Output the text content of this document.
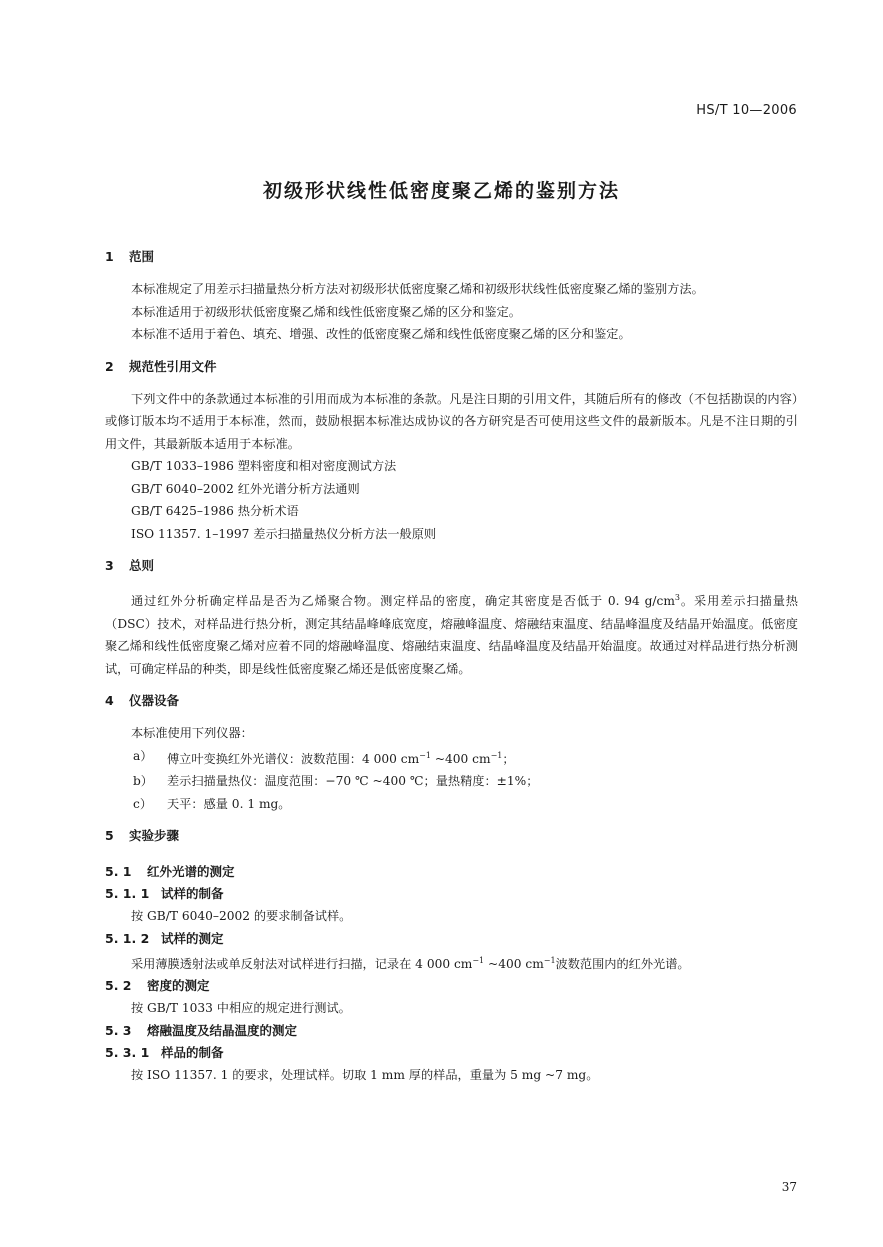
HS/T 10—2006
初级形状线性低密度聚乙烯的鉴别方法
1 范围

本标准规定了用差示扫描量热分析方法对初级形状低密度聚乙烯和初级形状线性低密度聚乙烯的鉴别方法。

本标准适用于初级形状低密度聚乙烯和线性低密度聚乙烯的区分和鉴定。

本标准不适用于着色、填充、增强、改性的低密度聚乙烯和线性低密度聚乙烯的区分和鉴定。

2 规范性引用文件

下列文件中的条款通过本标准的引用而成为本标准的条款。凡是注日期的引用文件，其随后所有的修改（不包括勘误的内容）或修订版本均不适用于本标准，然而，鼓励根据本标准达成协议的各方研究是否可使用这些文件的最新版本。凡是不注日期的引用文件，其最新版本适用于本标准。

GB/T 1033–1986 塑料密度和相对密度测试方法

GB/T 6040–2002 红外光谱分析方法通则

GB/T 6425–1986 热分析术语

ISO 11357. 1–1997 差示扫描量热仪分析方法一般原则

3 总则

通过红外分析确定样品是否为乙烯聚合物。测定样品的密度，确定其密度是否低于 0. 94 $g/cm^3$。采用差示扫描量热（DSC）技术，对样品进行热分析，测定其结晶峰峰底宽度，熔融峰温度、熔融结束温度、结晶峰温度及结晶开始温度。低密度聚乙烯和线性低密度聚乙烯对应着不同的熔融峰温度、熔融结束温度、结晶峰温度及结晶开始温度。故通过对样品进行热分析测试，可确定样品的种类，即是线性低密度聚乙烯还是低密度聚乙烯。

4 仪器设备

本标准使用下列仪器：

a）	傅立叶变换红外光谱仪：波数范围：4 000 $cm^{-1}$ ~400 $cm^{-1}$；
b）	差示扫描量热仪：温度范围：−70 ℃ ~400 ℃；量热精度：±1%；
c）	天平：感量 0. 1 mg。
5 实验步骤
5. 1 红外光谱的测定
5. 1. 1 试样的制备

按 GB/T 6040–2002 的要求制备试样。

5. 1. 2 试样的测定

采用薄膜透射法或单反射法对试样进行扫描，记录在 4 000 $cm^{-1}$ ~400 $cm^{-1}$波数范围内的红外光谱。

5. 2 密度的测定

按 GB/T 1033 中相应的规定进行测试。

5. 3 熔融温度及结晶温度的测定
5. 3. 1 样品的制备

按 ISO 11357. 1 的要求，处理试样。切取 1 mm 厚的样品，重量为 5 mg ~7 mg。

37
